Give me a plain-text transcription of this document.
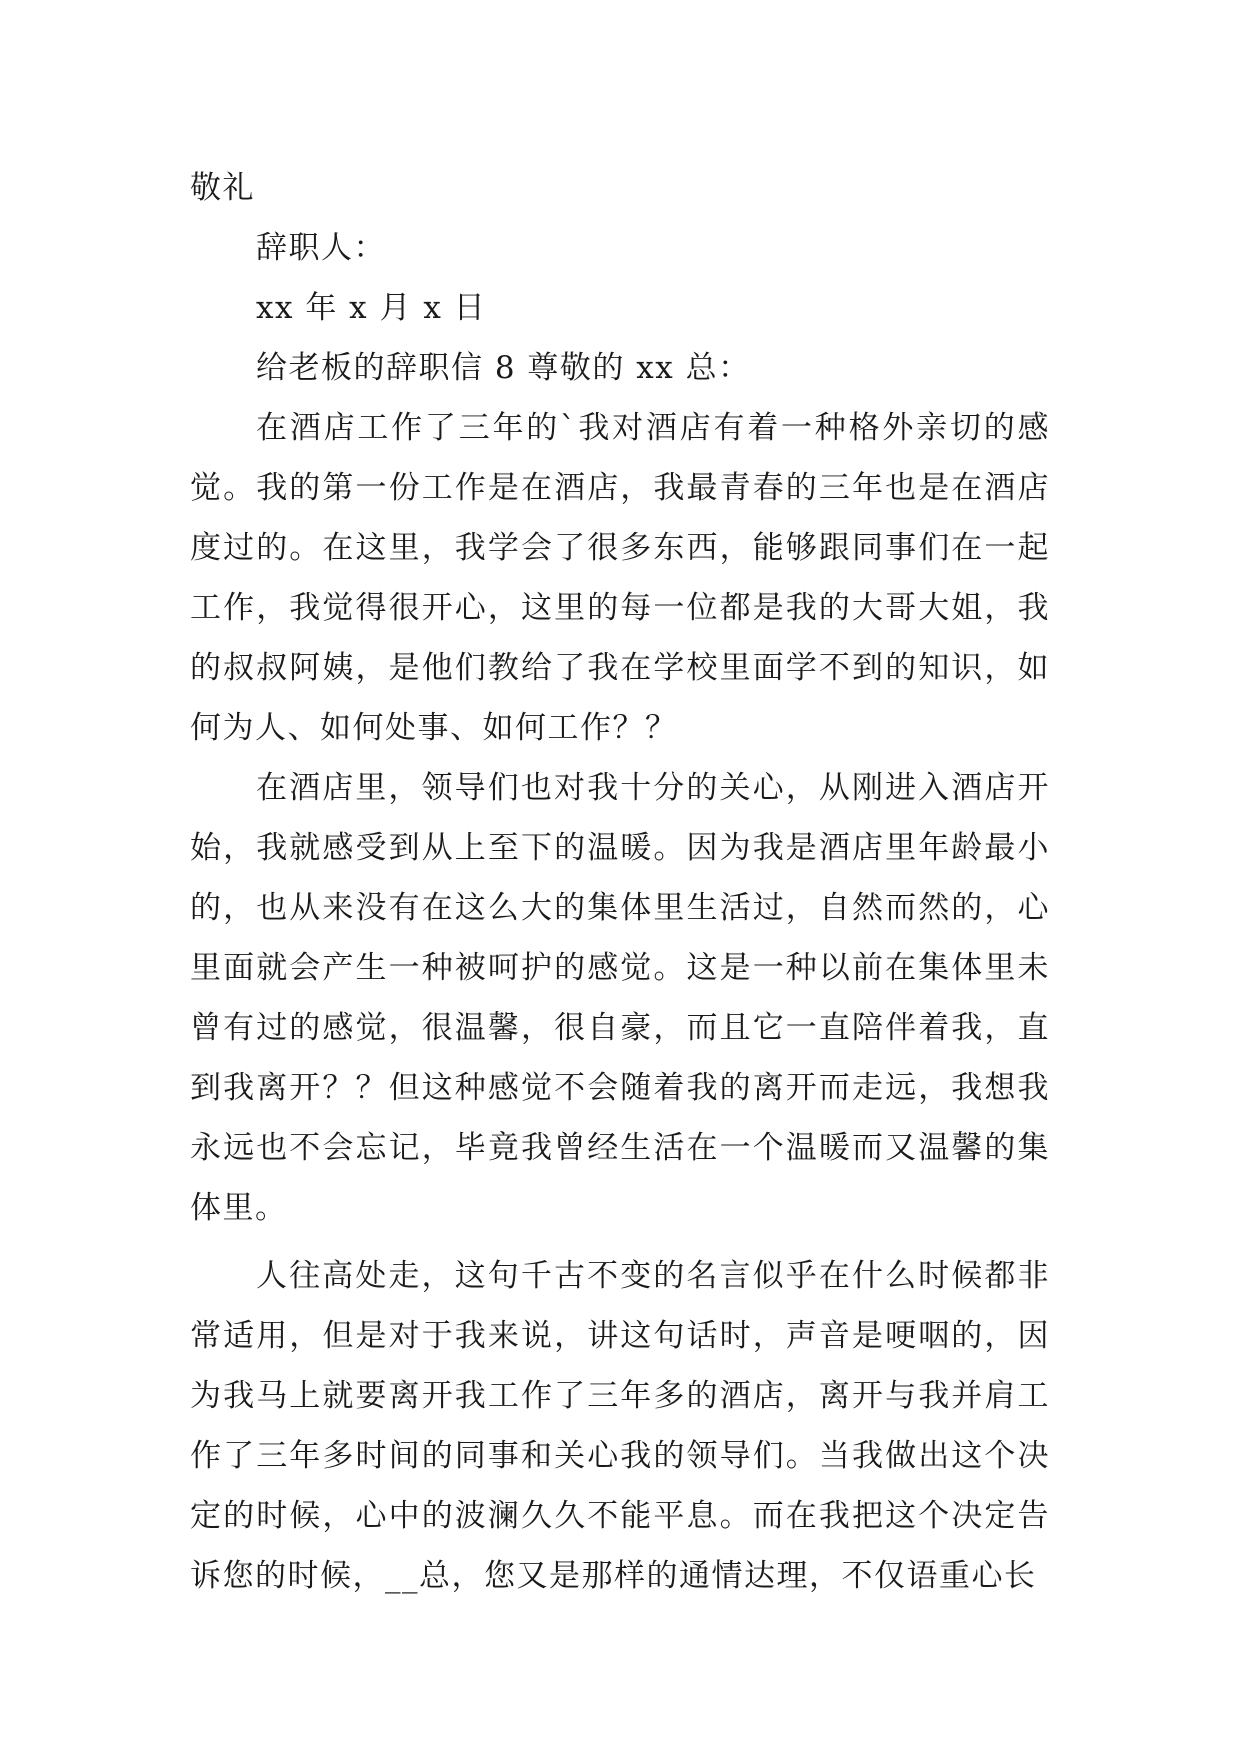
敬礼

辞职人：

xx 年 x 月 x 日

给老板的辞职信 8 尊敬的 xx 总：

在酒店工作了三年的`我对酒店有着一种格外亲切的感觉。我的第一份工作是在酒店，我最青春的三年也是在酒店度过的。在这里，我学会了很多东西，能够跟同事们在一起工作，我觉得很开心，这里的每一位都是我的大哥大姐，我的叔叔阿姨，是他们教给了我在学校里面学不到的知识，如何为人、如何处事、如何工作？？

在酒店里，领导们也对我十分的关心，从刚进入酒店开始，我就感受到从上至下的温暖。因为我是酒店里年龄最小的，也从来没有在这么大的集体里生活过，自然而然的，心里面就会产生一种被呵护的感觉。这是一种以前在集体里未曾有过的感觉，很温馨，很自豪，而且它一直陪伴着我，直到我离开？？但这种感觉不会随着我的离开而走远，我想我永远也不会忘记，毕竟我曾经生活在一个温暖而又温馨的集体里。

人往高处走，这句千古不变的名言似乎在什么时候都非常适用，但是对于我来说，讲这句话时，声音是哽咽的，因为我马上就要离开我工作了三年多的酒店，离开与我并肩工作了三年多时间的同事和关心我的领导们。当我做出这个决定的时候，心中的波澜久久不能平息。而在我把这个决定告诉您的时候，__总，您又是那样的通情达理，不仅语重心长
